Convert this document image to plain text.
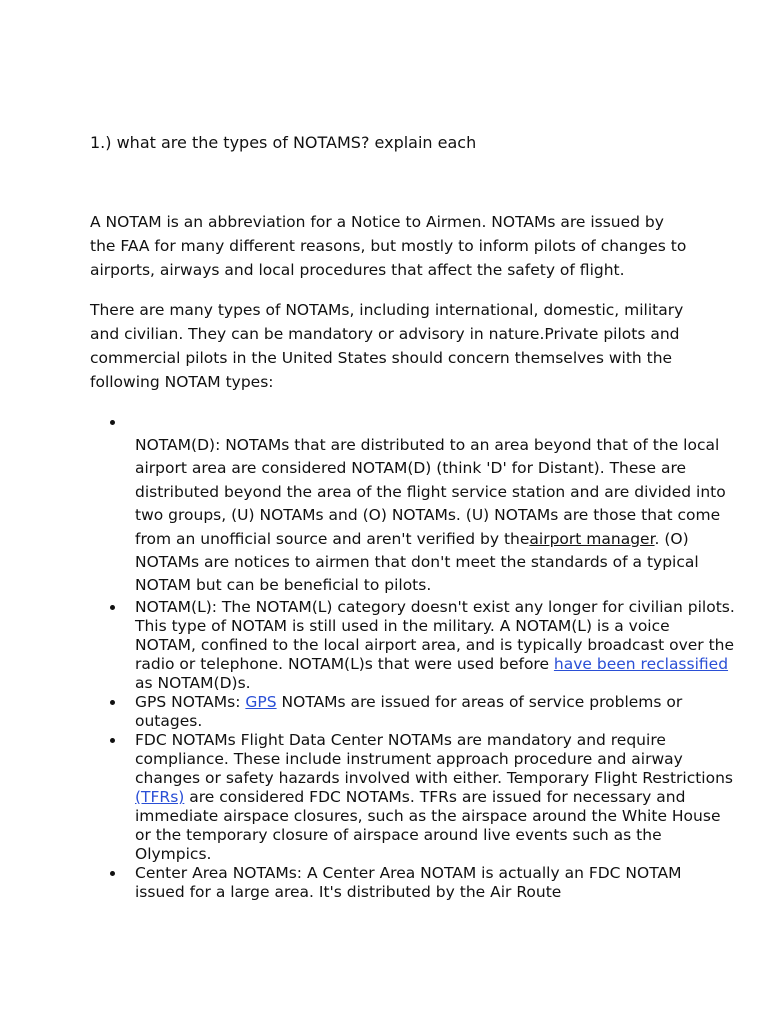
1.) what are the types of NOTAMS? explain each

A NOTAM is an abbreviation for a Notice to Airmen. NOTAMs are issued by the FAA for many different reasons, but mostly to inform pilots of changes to airports, airways and local procedures that affect the safety of flight.

There are many types of NOTAMs, including international, domestic, military and civilian. They can be mandatory or advisory in nature.Private pilots and commercial pilots in the United States should concern themselves with the following NOTAM types:

NOTAM(D): NOTAMs that are distributed to an area beyond that of the local airport area are considered NOTAM(D) (think 'D' for Distant). These are distributed beyond the area of the flight service station and are divided into two groups, (U) NOTAMs and (O) NOTAMs. (U) NOTAMs are those that come from an unofficial source and aren't verified by theairport manager. (O) NOTAMs are notices to airmen that don't meet the standards of a typical NOTAM but can be beneficial to pilots.
NOTAM(L): The NOTAM(L) category doesn't exist any longer for civilian pilots. This type of NOTAM is still used in the military. A NOTAM(L) is a voice NOTAM, confined to the local airport area, and is typically broadcast over the radio or telephone. NOTAM(L)s that were used before have been reclassified as NOTAM(D)s.
GPS NOTAMs: GPS NOTAMs are issued for areas of service problems or outages.
FDC NOTAMs Flight Data Center NOTAMs are mandatory and require compliance. These include instrument approach procedure and airway changes or safety hazards involved with either. Temporary Flight Restrictions (TFRs) are considered FDC NOTAMs. TFRs are issued for necessary and immediate airspace closures, such as the airspace around the White House or the temporary closure of airspace around live events such as the Olympics.
Center Area NOTAMs: A Center Area NOTAM is actually an FDC NOTAM issued for a large area. It's distributed by the Air Route
